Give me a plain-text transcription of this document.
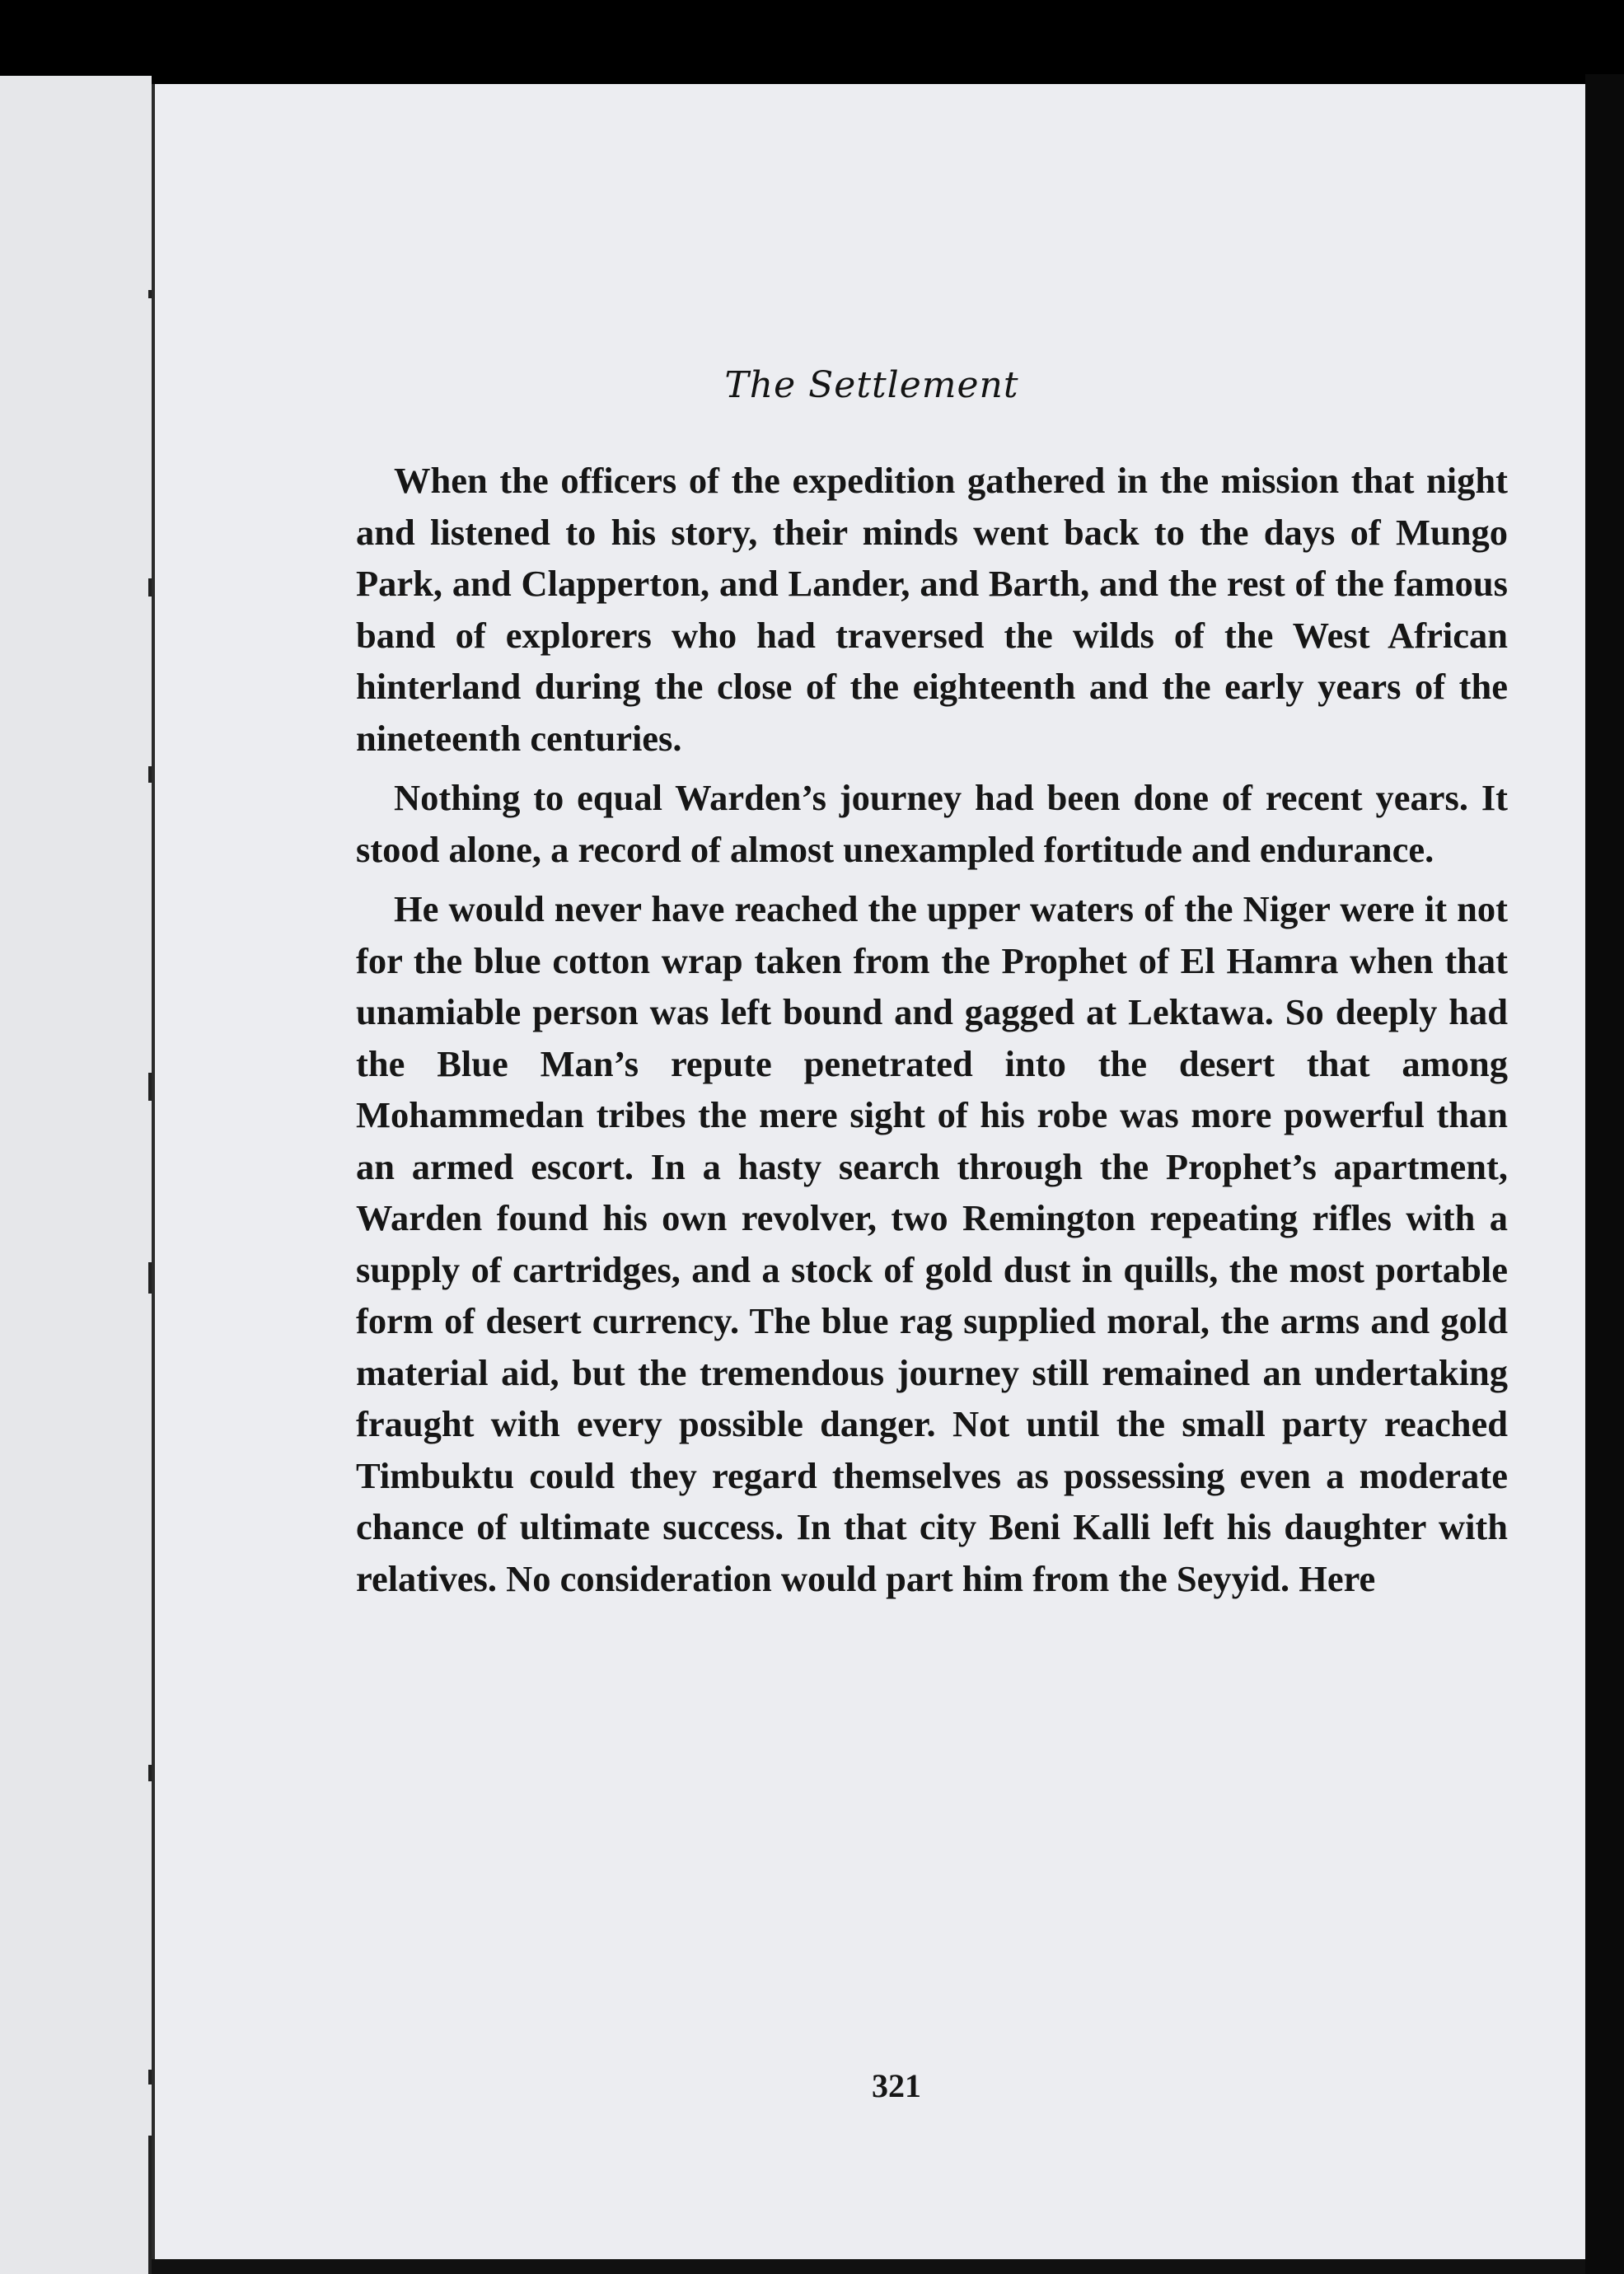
The Settlement

When the officers of the expedition gathered in the mission that night and listened to his story, their minds went back to the days of Mungo Park, and Clapperton, and Lander, and Barth, and the rest of the famous band of explorers who had traversed the wilds of the West African hinterland during the close of the eighteenth and the early years of the nineteenth centuries.

Nothing to equal Warden’s journey had been done of recent years. It stood alone, a record of almost unexampled fortitude and endurance.

He would never have reached the upper waters of the Niger were it not for the blue cotton wrap taken from the Prophet of El Hamra when that unamiable person was left bound and gagged at Lektawa. So deeply had the Blue Man’s repute penetrated into the desert that among Mohammedan tribes the mere sight of his robe was more powerful than an armed escort. In a hasty search through the Prophet’s apartment, Warden found his own revolver, two Remington repeating rifles with a supply of cartridges, and a stock of gold dust in quills, the most portable form of desert currency. The blue rag supplied moral, the arms and gold material aid, but the tremendous journey still remained an undertaking fraught with every possible danger. Not until the small party reached Timbuktu could they regard themselves as possessing even a moderate chance of ultimate success. In that city Beni Kalli left his daughter with relatives. No consideration would part him from the Seyyid. Here

321
